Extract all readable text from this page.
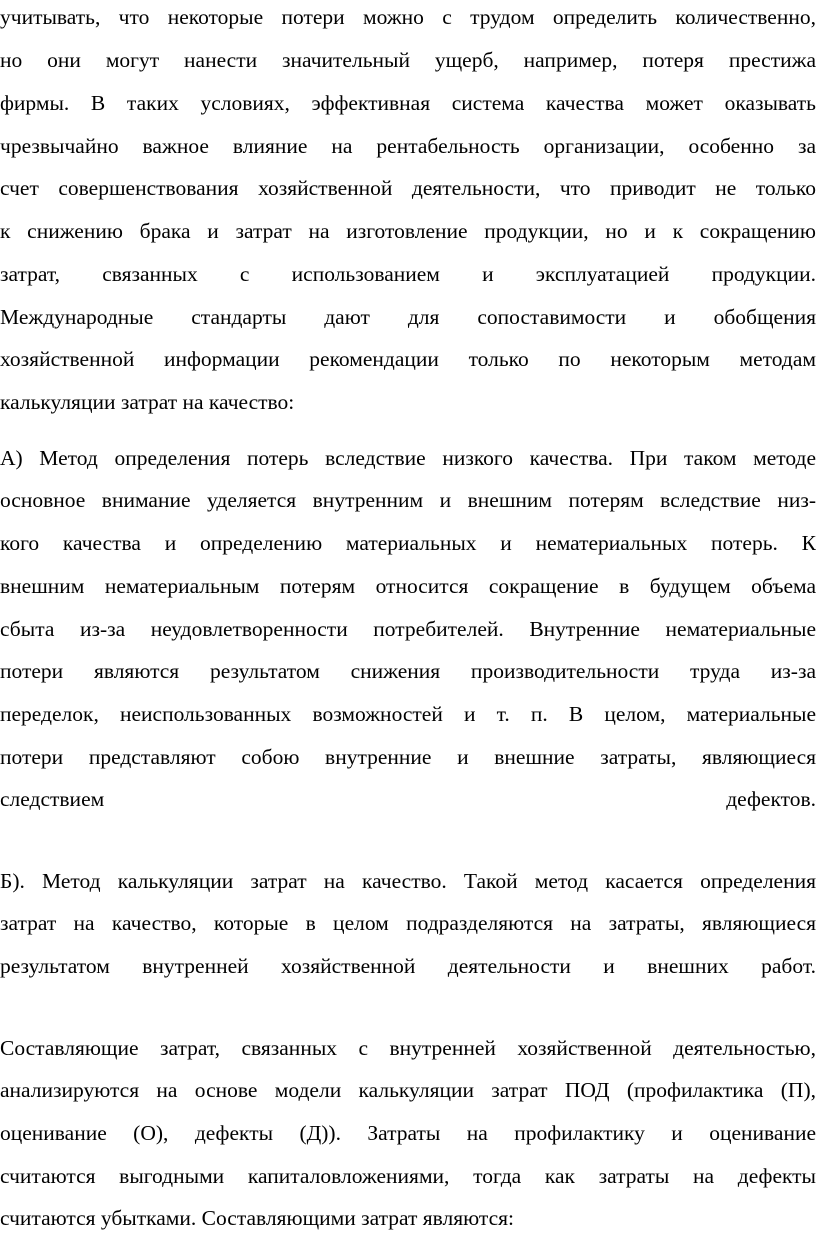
учитывать, что некоторые потери можно с трудом определить количественно,
но они могут нанести значительный ущерб, например, потеря престижа
фирмы. В таких условиях, эффективная система качества может оказывать
чрезвычайно важное влияние на рентабельность организации, особенно за
счет совершенствования хозяйственной деятельности, что приводит не только
к снижению брака и затрат на изготовление продукции, но и к сокращению
затрат, связанных с использованием и эксплуатацией продукции.
Международные стандарты дают для сопоставимости и обобщения
хозяйственной информации рекомендации только по некоторым методам
калькуляции затрат на качество:
А) Метод определения потерь вследствие низкого качества. При таком методе
основное внимание уделяется внутренним и внешним потерям вследствие низ-
кого качества и определению материальных и нематериальных потерь. К
внешним нематериальным потерям относится сокращение в будущем объема
сбыта из-за неудовлетворенности потребителей. Внутренние нематериальные
потери являются результатом снижения производительности труда из-за
переделок, неиспользованных возможностей и т. п. В целом, материальные
потери представляют собою внутренние и внешние затраты, являющиеся
следствием дефектов.
Б). Метод калькуляции затрат на качество. Такой метод касается определения
затрат на качество, которые в целом подразделяются на затраты, являющиеся
результатом внутренней хозяйственной деятельности и внешних работ.
Составляющие затрат, связанных с внутренней хозяйственной деятельностью,
анализируются на основе модели калькуляции затрат ПОД (профилактика (П),
оценивание (О), дефекты (Д)). Затраты на профилактику и оценивание
считаются выгодными капиталовложениями, тогда как затраты на дефекты
считаются убытками. Составляющими затрат являются:
